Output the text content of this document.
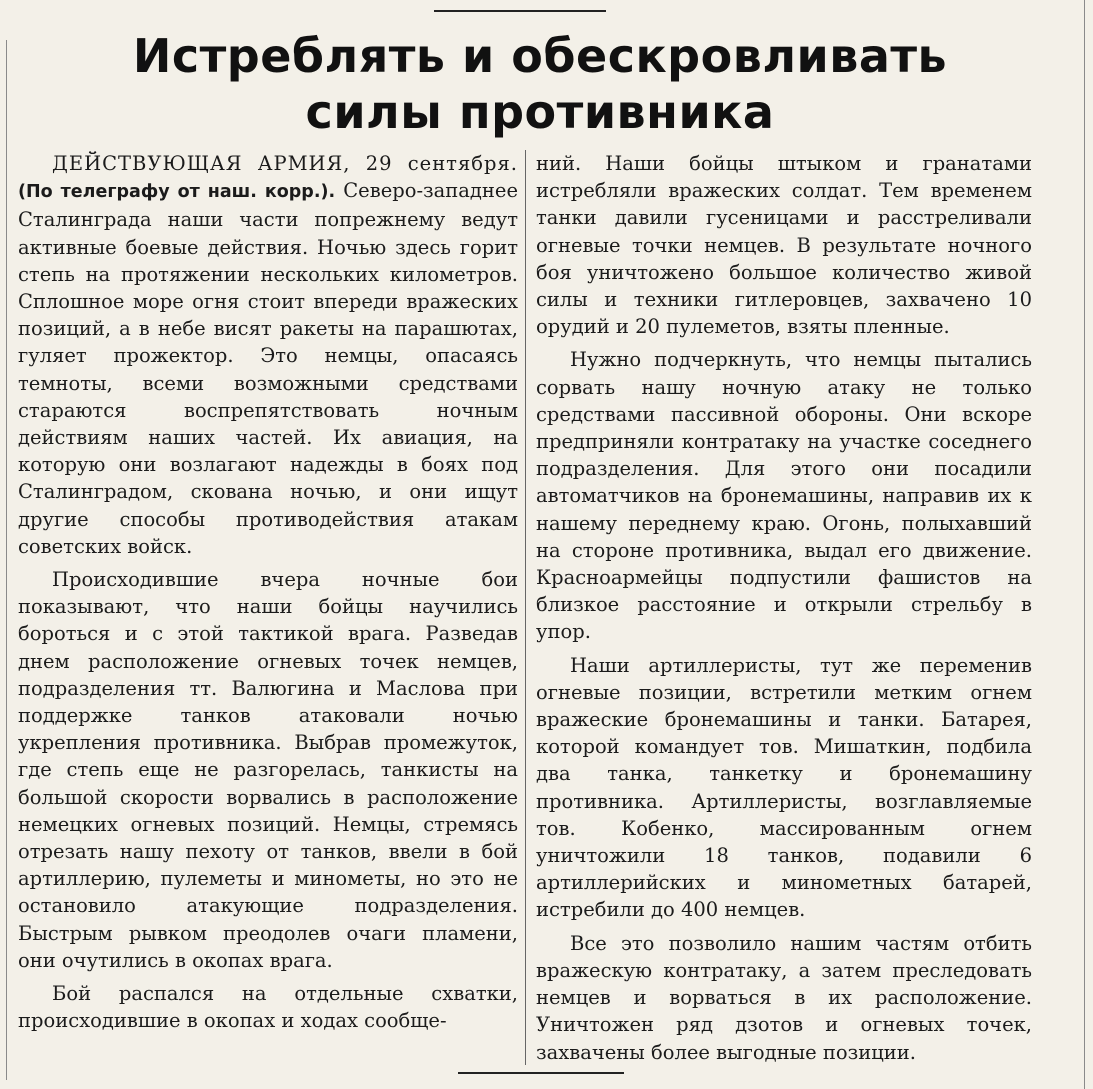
Истреблять и обескровливать
силы противника

ДЕЙСТВУЮЩАЯ АРМИЯ, 29 сентября. (По телеграфу от наш. корр.). Северо-западнее Сталинграда наши части попрежнему ведут активные боевые действия. Ночью здесь горит степь на протяжении нескольких километров. Сплошное море огня стоит впереди вражеских позиций, а в небе висят ракеты на парашютах, гуляет прожектор. Это немцы, опасаясь темноты, всеми возможными средствами стараются воспрепятствовать ночным действиям наших частей. Их авиация, на которую они возлагают надежды в боях под Сталинградом, скована ночью, и они ищут другие способы противодействия атакам советских войск.

Происходившие вчера ночные бои показывают, что наши бойцы научились бороться и с этой тактикой врага. Разведав днем расположение огневых точек немцев, подразделения тт. Валюгина и Маслова при поддержке танков атаковали ночью укрепления противника. Выбрав промежуток, где степь еще не разгорелась, танкисты на большой скорости ворвались в расположение немецких огневых позиций. Немцы, стремясь отрезать нашу пехоту от танков, ввели в бой артиллерию, пулеметы и минометы, но это не остановило атакующие подразделения. Быстрым рывком преодолев очаги пламени, они очутились в окопах врага.

Бой распался на отдельные схватки, происходившие в окопах и ходах сообще-

ний. Наши бойцы штыком и гранатами истребляли вражеских солдат. Тем временем танки давили гусеницами и расстреливали огневые точки немцев. В результате ночного боя уничтожено большое количество живой силы и техники гитлеровцев, захвачено 10 орудий и 20 пулеметов, взяты пленные.

Нужно подчеркнуть, что немцы пытались сорвать нашу ночную атаку не только средствами пассивной обороны. Они вскоре предприняли контратаку на участке соседнего подразделения. Для этого они посадили автоматчиков на бронемашины, направив их к нашему переднему краю. Огонь, полыхавший на стороне противника, выдал его движение. Красноармейцы подпустили фашистов на близкое расстояние и открыли стрельбу в упор.

Наши артиллеристы, тут же переменив огневые позиции, встретили метким огнем вражеские бронемашины и танки. Батарея, которой командует тов. Мишаткин, подбила два танка, танкетку и бронемашину противника. Артиллеристы, возглавляемые тов. Кобенко, массированным огнем уничтожили 18 танков, подавили 6 артиллерийских и минометных батарей, истребили до 400 немцев.

Все это позволило нашим частям отбить вражескую контратаку, а затем преследовать немцев и ворваться в их расположение. Уничтожен ряд дзотов и огневых точек, захвачены более выгодные позиции.
